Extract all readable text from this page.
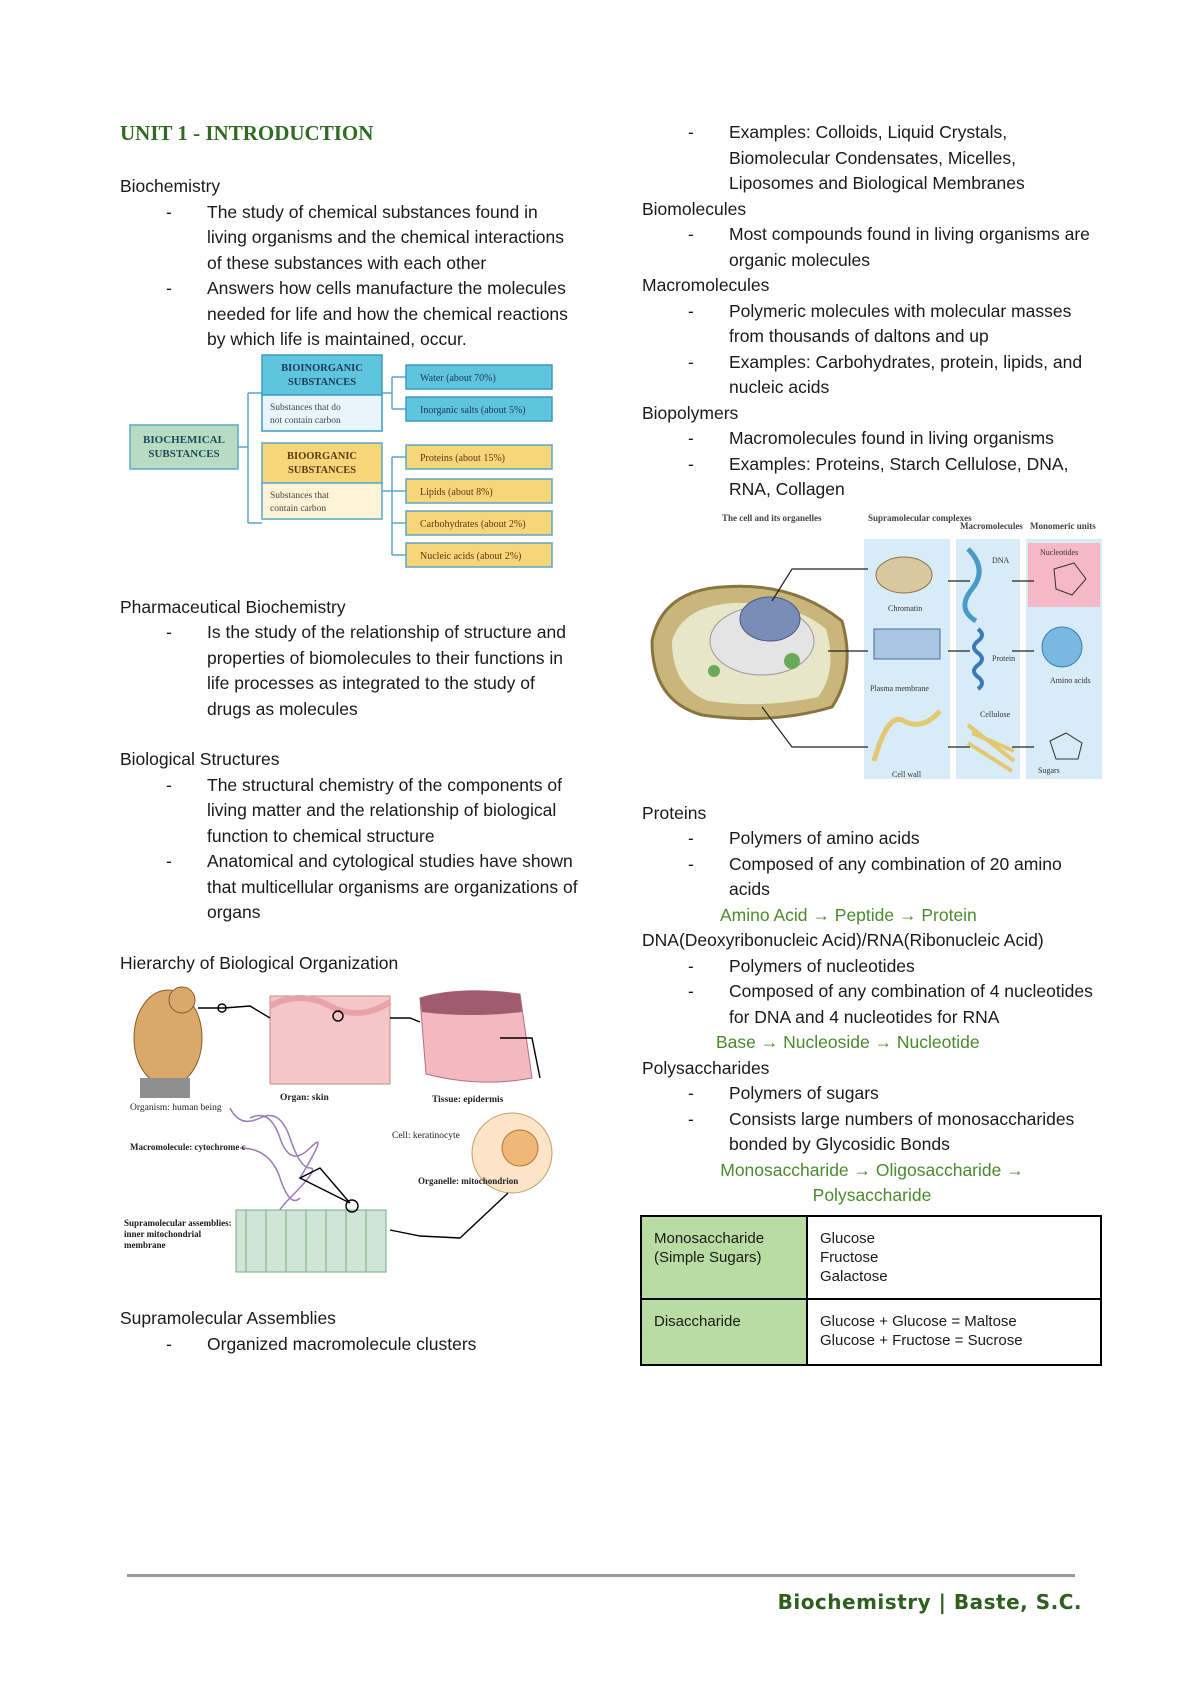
UNIT 1 - INTRODUCTION
Biochemistry
- The study of chemical substances found in living organisms and the chemical interactions of these substances with each other
- Answers how cells manufacture the molecules needed for life and how the chemical reactions by which life is maintained, occur.
BIOCHEMICAL
SUBSTANCES
BIOINORGANIC
SUBSTANCES
Substances that do
not contain carbon
BIOORGANIC
SUBSTANCES
Substances that
contain carbon
Water (about 70%)
Inorganic salts (about 5%)
Proteins (about 15%)
Lipids (about 8%)
Carbohydrates (about 2%)
Nucleic acids (about 2%)
Pharmaceutical Biochemistry
- Is the study of the relationship of structure and properties of biomolecules to their functions in life processes as integrated to the study of drugs as molecules
Biological Structures
- The structural chemistry of the components of living matter and the relationship of biological function to chemical structure
- Anatomical and cytological studies have shown that multicellular organisms are organizations of organs
Hierarchy of Biological Organization
Organism: human being
Organ: skin	Tissue: epidermis
Cell: keratinocyte
Organelle: mitochondrion
Macromolecule: cytochrome c
Supramolecular assemblies: inner mitochondrial membrane
Supramolecular Assemblies
- Organized macromolecule clusters
- Examples: Colloids, Liquid Crystals, Biomolecular Condensates, Micelles, Liposomes and Biological Membranes
Biomolecules
- Most compounds found in living organisms are organic molecules
Macromolecules
- Polymeric molecules with molecular masses from thousands of daltons and up
- Examples: Carbohydrates, protein, lipids, and nucleic acids
Biopolymers
- Macromolecules found in living organisms
- Examples: Proteins, Starch Cellulose, DNA, RNA, Collagen
The cell and its organelles	Supramolecular complexes
Macromolecules Monomeric units
Chromatin
DNA
Nucleotides
Plasma membrane
Protein
Amino acids
Cell wall
Cellulose
Sugars
Proteins
- Polymers of amino acids
- Composed of any combination of 20 amino acids
Amino Acid → Peptide → Protein
DNA(Deoxyribonucleic Acid)/RNA(Ribonucleic Acid)
- Polymers of nucleotides
- Composed of any combination of 4 nucleotides for DNA and 4 nucleotides for RNA
Base → Nucleoside → Nucleotide
Polysaccharides
- Polymers of sugars
- Consists large numbers of monosaccharides bonded by Glycosidic Bonds
Monosaccharide → Oligosaccharide → Polysaccharide
Monosaccharide (Simple Sugars)	Glucose
Fructose
Galactose

Disaccharide	Glucose + Glucose = Maltose
Glucose + Fructose = Sucrose
Biochemistry | Baste, S.C.
